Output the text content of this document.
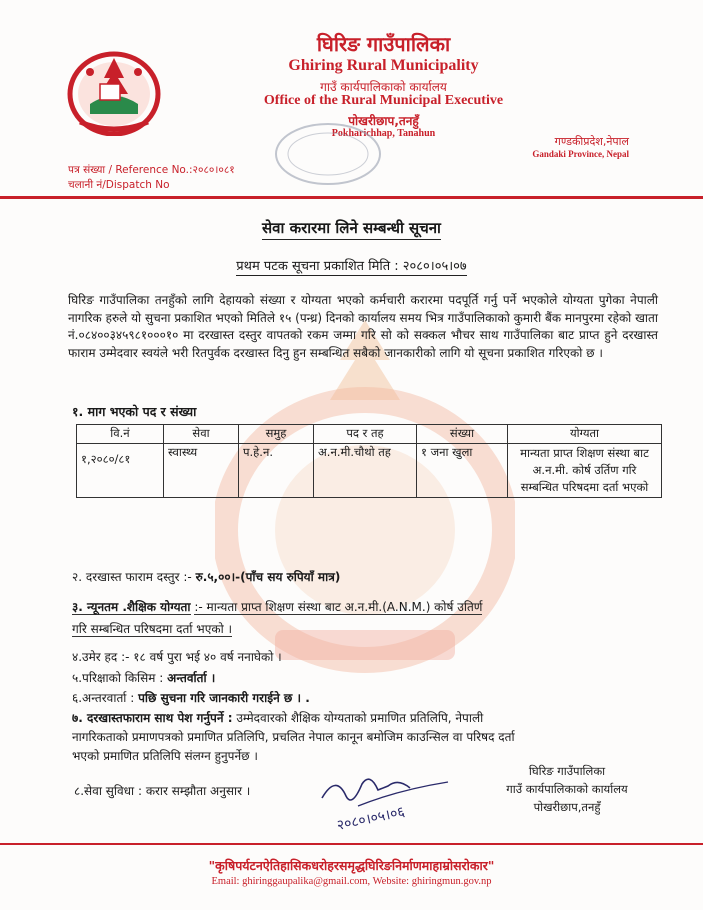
घिरिङ गाउँपालिका
Ghiring Rural Municipality
गाउँ कार्यपालिकाको कार्यालय
Office of the Rural Municipal Executive
पोखरीछाप,तनहुँ
Pokharichhap, Tanahun
गण्डकीप्रदेश,नेपाल
Gandaki Province, Nepal
पत्र संख्या / Reference No.:२०८०।०८१
चलानी नं/Dispatch No
सेवा करारमा लिने सम्बन्धी सूचना
प्रथम पटक सूचना प्रकाशित मिति : २०८०।०५।०७
घिरिङ गाउँपालिका तनहुँको लागि देहायको संख्या र योग्यता भएको कर्मचारी करारमा पदपूर्ति गर्नु पर्ने भएकोले योग्यता पुगेका नेपाली नागरिक हरुले यो सुचना प्रकाशित भएको मितिले १५ (पन्ध्र) दिनको कार्यालय समय भित्र गाउँपालिकाको कुमारी बैंक मानपुरमा रहेको खाता नं.०८४००३४५९८१०००१० मा दरखास्त दस्तुर वापतको रकम जम्मा गरि सो को सक्कल भौचर साथ गाउँपालिका बाट प्राप्त हुने दरखास्त फाराम उम्मेदवार स्वयंले भरी रितपुर्वक दरखास्त दिनु हुन सम्बन्धित सबैको जानकारीको लागि यो सूचना प्रकाशित गरिएको छ ।
१. माग भएको पद र संख्या
वि.नं	सेवा	समुह	पद र तह	संख्या	योग्यता
१,२०८०/८१	स्वास्थ्य	प.हे.न.	अ.न.मी.चौथो तह	१ जना खुला	मान्यता प्राप्त शिक्षण संस्था बाट अ.न.मी. कोर्ष उर्तिण गरि सम्बन्धित परिषदमा दर्ता भएको
२. दरखास्त फाराम दस्तुर :- रु.५,००।-(पाँच सय रुपियाँ मात्र)
३. न्यूनतम .शैक्षिक योग्यता :- मान्यता प्राप्त शिक्षण संस्था बाट अ.न.मी.(A.N.M.) कोर्ष उतिर्ण
गरि सम्बन्धित परिषदमा दर्ता भएको ।
४.उमेर हद :- १८ वर्ष पुरा भई ४० वर्ष ननाघेको ।
५.परिक्षाको किसिम : अन्तर्वार्ता ।
६.अन्तरवार्ता : पछि सुचना गरि जानकारी गराईने छ । .
७. दरखास्तफाराम साथ पेश गर्नुपर्ने : उम्मेदवारको शैक्षिक योग्यताको प्रमाणित प्रतिलिपि, नेपाली
नागरिकताको प्रमाणपत्रको प्रमाणित प्रतिलिपि, प्रचलित नेपाल कानून बमोजिम काउन्सिल वा परिषद दर्ता
भएको प्रमाणित प्रतिलिपि संलग्न हुनुपर्नेछ ।
८.सेवा सुविधा : करार सम्झौता अनुसार ।
२०८०।०५।०६
घिरिङ गाउँपालिका
गाउँ कार्यपालिकाको कार्यालय
पोखरीछाप,तनहुँ
"कृषिपर्यटनऐतिहासिकधरोहरसमृद्धघिरिङनिर्माणमाहाम्रोसरोकार"
Email: ghiringgaupalika@gmail.com, Website: ghiringmun.gov.np
